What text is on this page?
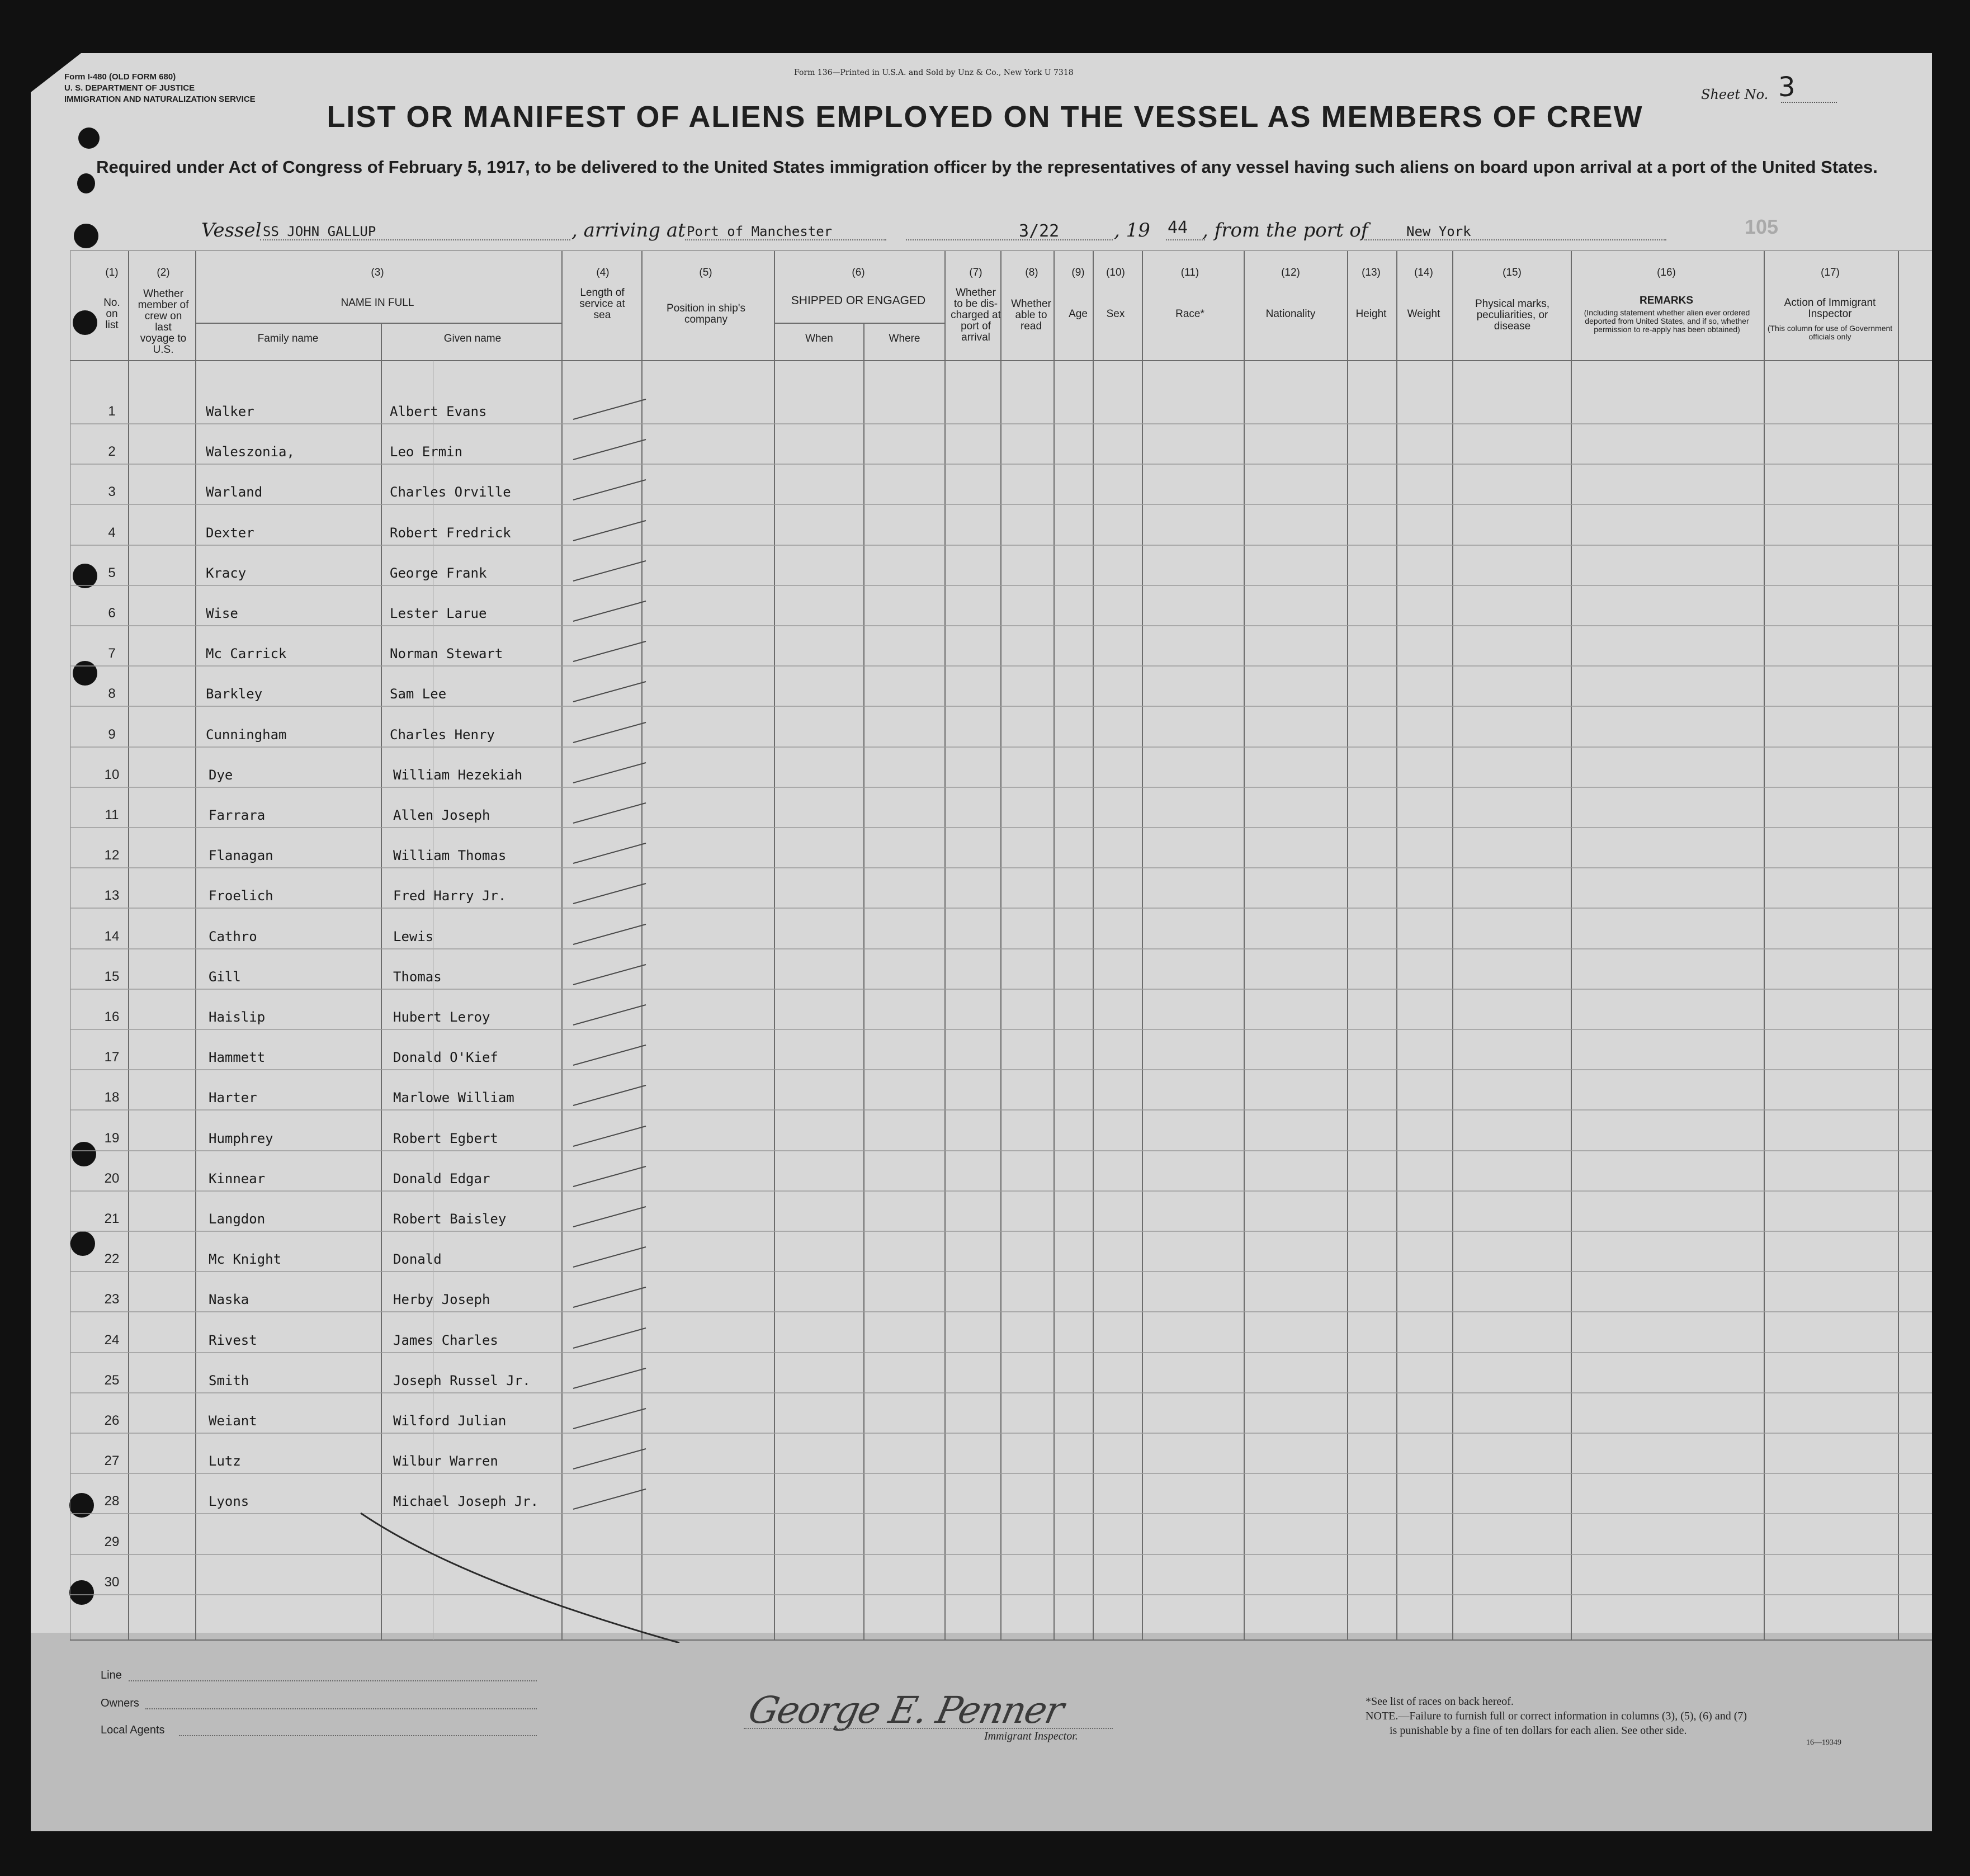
Form I-480 (OLD FORM 680)
U. S. DEPARTMENT OF JUSTICE
IMMIGRATION AND NATURALIZATION SERVICE
Form 136—Printed in U.S.A. and Sold by Unz & Co., New York U 7318
Sheet No. 3
105
LIST OR MANIFEST OF ALIENS EMPLOYED ON THE VESSEL AS MEMBERS OF CREW
Required under Act of Congress of February 5, 1917, to be delivered to the United States immigration officer by the representatives of any vessel having such aliens on board upon arrival at a port of the United States.
Vessel SS JOHN GALLUP	, arriving at Port of Manchester	3/22	, 19 44 , from the port of	New York
(1)
No. on list
(2)
Whether member of crew on last voyage to U.S.
(3)
NAME IN FULL
Family name	Given name
(4)
Length of service at sea
(5)
Position in ship's company
(6)
SHIPPED OR ENGAGED
When	Where
(7)
Whether to be dis-charged at port of arrival
(8)
Whether able to read
(9)
Age
(10)
Sex
(11)
Race*
(12)
Nationality
(13)
Height
(14)
Weight
(15)
Physical marks, peculiarities, or disease
(16)
REMARKS
(Including statement whether alien ever ordered deported from United States, and if so, whether permission to re-apply has been obtained)
(17)
Action of Immigrant Inspector
(This column for use of Government officials only
1	Walker	Albert Evans
2	Waleszonia,	Leo Ermin
3	Warland	Charles Orville
4	Dexter	Robert Fredrick
5	Kracy	George Frank
6	Wise	Lester Larue
7	Mc Carrick	Norman Stewart
8	Barkley	Sam Lee
9	Cunningham	Charles Henry
10	Dye	William Hezekiah
11	Farrara	Allen Joseph
12	Flanagan	William Thomas
13	Froelich	Fred Harry Jr.
14	Cathro	Lewis
15	Gill	Thomas
16	Haislip	Hubert Leroy
17	Hammett	Donald O'Kief
18	Harter	Marlowe William
19	Humphrey	Robert Egbert
20	Kinnear	Donald Edgar
21	Langdon	Robert Baisley
22	Mc Knight	Donald
23	Naska	Herby Joseph
24	Rivest	James Charles
25	Smith	Joseph Russel Jr.
26	Weiant	Wilford Julian
27	Lutz	Wilbur Warren
28	Lyons	Michael Joseph Jr.
29
30
Line
Owners
Local Agents	George E. Penner
Immigrant Inspector.
*See list of races on back hereof.
NOTE.—Failure to furnish full or correct information in columns (3), (5), (6) and (7)
is punishable by a fine of ten dollars for each alien. See other side.
16—19349
